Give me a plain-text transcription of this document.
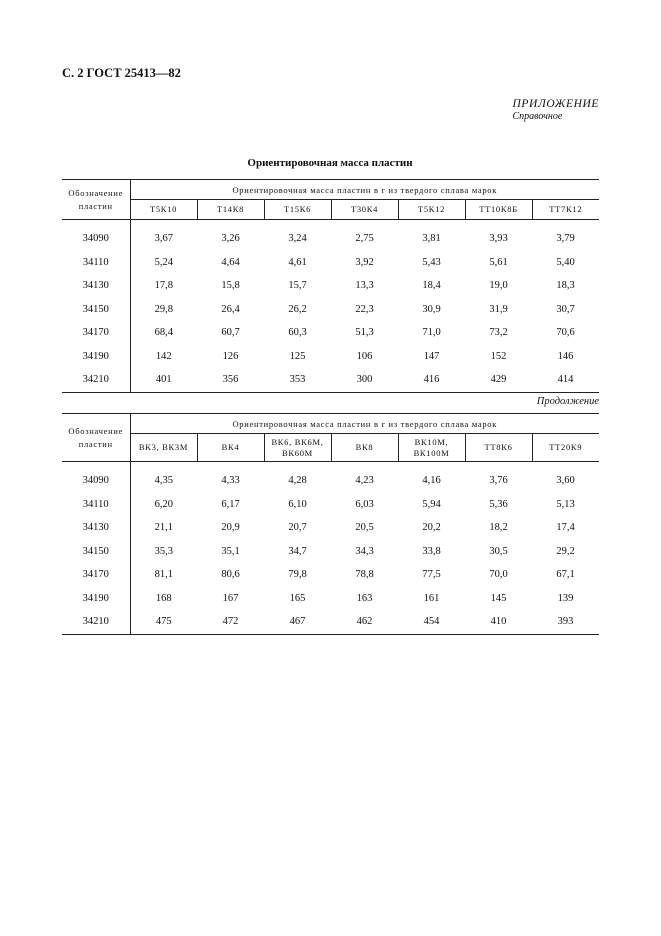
С. 2 ГОСТ 25413—82
ПРИЛОЖЕНИЕ
Справочное
Ориентировочная масса пластин
Обозначение пластин	Ориентировочная масса пластин в г из твердого сплава марок						
	Т5К10	Т14К8	Т15К6	Т30К4	Т5К12	ТТ10К8Б	ТТ7К12

34090	3,67	3,26	3,24	2,75	3,81	3,93	3,79
34110	5,24	4,64	4,61	3,92	5,43	5,61	5,40
34130	17,8	15,8	15,7	13,3	18,4	19,0	18,3
34150	29,8	26,4	26,2	22,3	30,9	31,9	30,7
34170	68,4	60,7	60,3	51,3	71,0	73,2	70,6
34190	142	126	125	106	147	152	146
34210	401	356	353	300	416	429	414
Продолжение
Обозначение пластин	Ориентировочная масса пластин в г из твердого сплава марок						
	ВК3, ВК3М	ВК4	ВК6, ВК6М, ВК60М	ВК8	ВК10М, ВК100М	ТТ8К6	ТТ20К9

34090	4,35	4,33	4,28	4,23	4,16	3,76	3,60
34110	6,20	6,17	6,10	6,03	5,94	5,36	5,13
34130	21,1	20,9	20,7	20,5	20,2	18,2	17,4
34150	35,3	35,1	34,7	34,3	33,8	30,5	29,2
34170	81,1	80,6	79,8	78,8	77,5	70,0	67,1
34190	168	167	165	163	161	145	139
34210	475	472	467	462	454	410	393
